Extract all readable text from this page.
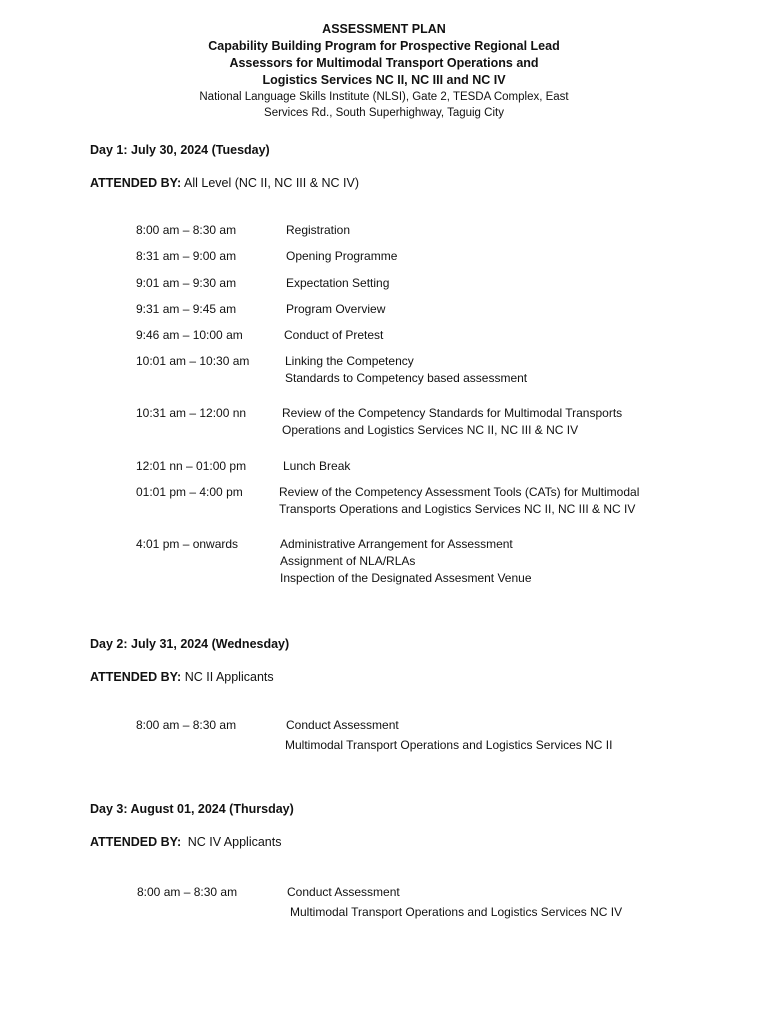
ASSESSMENT PLAN
Capability Building Program for Prospective Regional Lead
Assessors for Multimodal Transport Operations and
Logistics Services NC II, NC III and NC IV
National Language Skills Institute (NLSI), Gate 2, TESDA Complex, East
Services Rd., South Superhighway, Taguig City
Day 1: July 30, 2024 (Tuesday)
ATTENDED BY: All Level (NC II, NC III & NC IV)
8:00 am – 8:30 am	Registration
8:31 am – 9:00 am	Opening Programme
9:01 am – 9:30 am	Expectation Setting
9:31 am – 9:45 am	Program Overview
9:46 am – 10:00 am	Conduct of Pretest
10:01 am – 10:30 am	Linking the Competency
Standards to Competency based assessment
10:31 am – 12:00 nn	Review of the Competency Standards for Multimodal Transports
Operations and Logistics Services NC II, NC III & NC IV
12:01 nn – 01:00 pm	Lunch Break
01:01 pm – 4:00 pm	Review of the Competency Assessment Tools (CATs) for Multimodal
Transports Operations and Logistics Services NC II, NC III & NC IV
4:01 pm – onwards	Administrative Arrangement for Assessment
Assignment of NLA/RLAs
Inspection of the Designated Assesment Venue
Day 2: July 31, 2024 (Wednesday)
ATTENDED BY: NC II Applicants
8:00 am – 8:30 am	Conduct Assessment
Multimodal Transport Operations and Logistics Services NC II
Day 3: August 01, 2024 (Thursday)
ATTENDED BY: NC IV Applicants
8:00 am – 8:30 am	Conduct Assessment
Multimodal Transport Operations and Logistics Services NC IV
